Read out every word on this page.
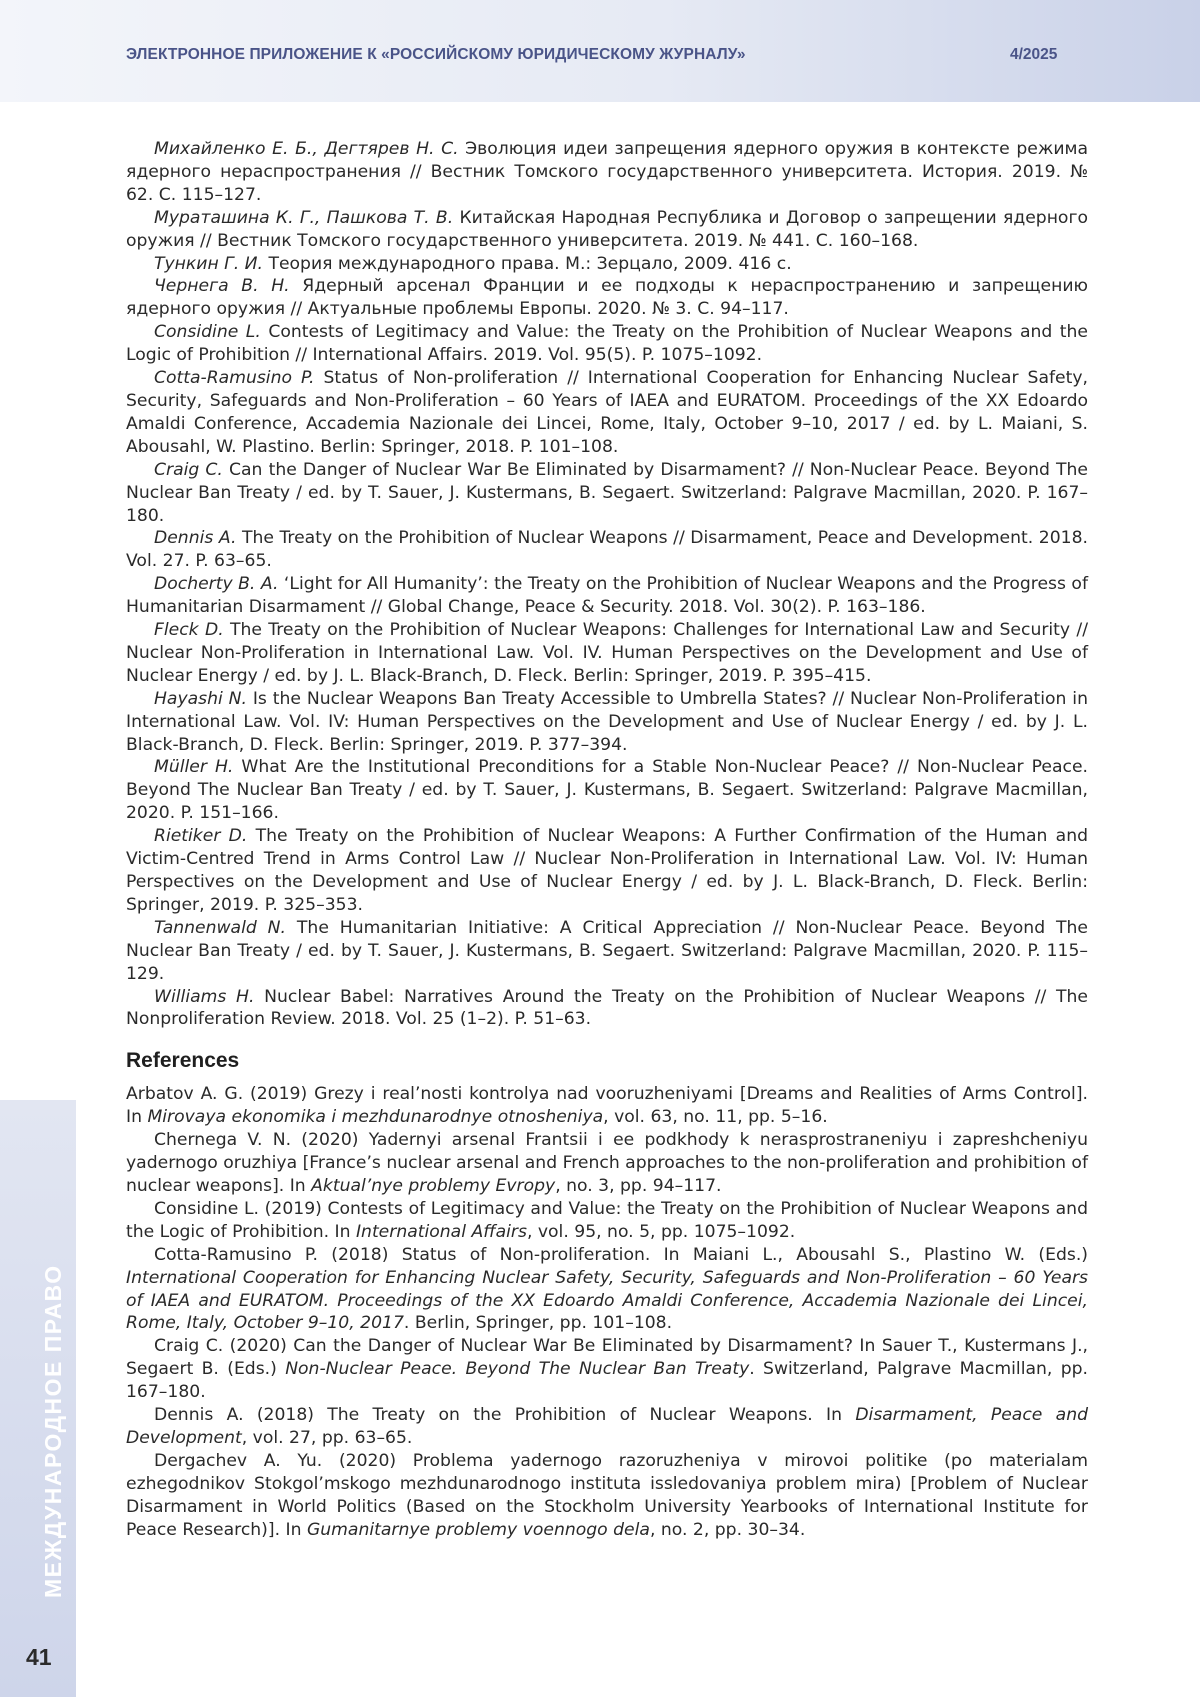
ЭЛЕКТРОННОЕ ПРИЛОЖЕНИЕ К «РОССИЙСКОМУ ЮРИДИЧЕСКОМУ ЖУРНАЛУ»	4/2025
МЕЖДУНАРОДНОЕ ПРАВО
41

Михайленко Е. Б., Дегтярев Н. С. Эволюция идеи запрещения ядерного оружия в контексте режима ядерного нераспространения // Вестник Томского государственного университета. История. 2019. № 62. С. 115–127.

Мураташина К. Г., Пашкова Т. В. Китайская Народная Республика и Договор о запрещении ядерного оружия // Вестник Томского государственного университета. 2019. № 441. С. 160–168.

Тункин Г. И. Теория международного права. М.: Зерцало, 2009. 416 с.

Чернега В. Н. Ядерный арсенал Франции и ее подходы к нераспространению и запрещению ядерного оружия // Актуальные проблемы Европы. 2020. № 3. С. 94–117.

Considine L. Contests of Legitimacy and Value: the Treaty on the Prohibition of Nuclear Weapons and the Logic of Prohibition // International Affairs. 2019. Vol. 95(5). P. 1075–1092.

Cotta-Ramusino P. Status of Non-proliferation // International Cooperation for Enhancing Nuclear Safety, Security, Safeguards and Non-Proliferation – 60 Years of IAEA and EURATOM. Proceedings of the XX Edoardo Amaldi Conference, Accademia Nazionale dei Lincei, Rome, Italy, October 9–10, 2017 / ed. by L. Maiani, S. Abousahl, W. Plastino. Berlin: Springer, 2018. P. 101–108.

Craig C. Can the Danger of Nuclear War Be Eliminated by Disarmament? // Non-Nuclear Peace. Beyond The Nuclear Ban Treaty / ed. by T. Sauer, J. Kustermans, B. Segaert. Switzerland: Palgrave Macmillan, 2020. P. 167–180.

Dennis A. The Treaty on the Prohibition of Nuclear Weapons // Disarmament, Peace and Development. 2018. Vol. 27. P. 63–65.

Docherty B. A. ‘Light for All Humanity’: the Treaty on the Prohibition of Nuclear Weapons and the Progress of Humanitarian Disarmament // Global Change, Peace & Security. 2018. Vol. 30(2). P. 163–186.

Fleck D. The Treaty on the Prohibition of Nuclear Weapons: Challenges for International Law and Security // Nuclear Non-Proliferation in International Law. Vol. IV. Human Perspectives on the Development and Use of Nuclear Energy / ed. by J. L. Black-Branch, D. Fleck. Berlin: Springer, 2019. P. 395–415.

Hayashi N. Is the Nuclear Weapons Ban Treaty Accessible to Umbrella States? // Nuclear Non-Proliferation in International Law. Vol. IV: Human Perspectives on the Development and Use of Nuclear Energy / ed. by J. L. Black-Branch, D. Fleck. Berlin: Springer, 2019. P. 377–394.

Müller H. What Are the Institutional Preconditions for a Stable Non-Nuclear Peace? // Non-Nuclear Peace. Beyond The Nuclear Ban Treaty / ed. by T. Sauer, J. Kustermans, B. Segaert. Switzerland: Palgrave Macmillan, 2020. P. 151–166.

Rietiker D. The Treaty on the Prohibition of Nuclear Weapons: A Further Confirmation of the Human and Victim-Centred Trend in Arms Control Law // Nuclear Non-Proliferation in International Law. Vol. IV: Human Perspectives on the Development and Use of Nuclear Energy / ed. by J. L. Black-Branch, D. Fleck. Berlin: Springer, 2019. P. 325–353.

Tannenwald N. The Humanitarian Initiative: A Critical Appreciation // Non-Nuclear Peace. Beyond The Nuclear Ban Treaty / ed. by T. Sauer, J. Kustermans, B. Segaert. Switzerland: Palgrave Macmillan, 2020. P. 115–129.

Williams H. Nuclear Babel: Narratives Around the Treaty on the Prohibition of Nuclear Weapons // The Nonproliferation Review. 2018. Vol. 25 (1–2). P. 51–63.

References

Arbatov A. G. (2019) Grezy i real’nosti kontrolya nad vooruzheniyami [Dreams and Realities of Arms Control]. In Mirovaya ekonomika i mezhdunarodnye otnosheniya, vol. 63, no. 11, pp. 5–16.

Chernega V. N. (2020) Yadernyi arsenal Frantsii i ee podkhody k nerasprostraneniyu i zapreshcheniyu yadernogo oruzhiya [France’s nuclear arsenal and French approaches to the non-proliferation and prohibition of nuclear weapons]. In Aktual’nye problemy Evropy, no. 3, pp. 94–117.

Considine L. (2019) Contests of Legitimacy and Value: the Treaty on the Prohibition of Nuclear Weapons and the Logic of Prohibition. In International Affairs, vol. 95, no. 5, pp. 1075–1092.

Cotta-Ramusino P. (2018) Status of Non-proliferation. In Maiani L., Abousahl S., Plastino W. (Eds.) International Cooperation for Enhancing Nuclear Safety, Security, Safeguards and Non-Proliferation – 60 Years of IAEA and EURATOM. Proceedings of the XX Edoardo Amaldi Conference, Accademia Nazionale dei Lincei, Rome, Italy, October 9–10, 2017. Berlin, Springer, pp. 101–108.

Craig C. (2020) Can the Danger of Nuclear War Be Eliminated by Disarmament? In Sauer T., Kustermans J., Segaert B. (Eds.) Non-Nuclear Peace. Beyond The Nuclear Ban Treaty. Switzerland, Palgrave Macmillan, pp. 167–180.

Dennis A. (2018) The Treaty on the Prohibition of Nuclear Weapons. In Disarmament, Peace and Development, vol. 27, pp. 63–65.

Dergachev A. Yu. (2020) Problema yadernogo razoruzheniya v mirovoi politike (po materialam ezhegodnikov Stokgol’mskogo mezhdunarodnogo instituta issledovaniya problem mira) [Problem of Nuclear Disarmament in World Politics (Based on the Stockholm University Yearbooks of International Institute for Peace Research)]. In Gumanitarnye problemy voennogo dela, no. 2, pp. 30–34.
